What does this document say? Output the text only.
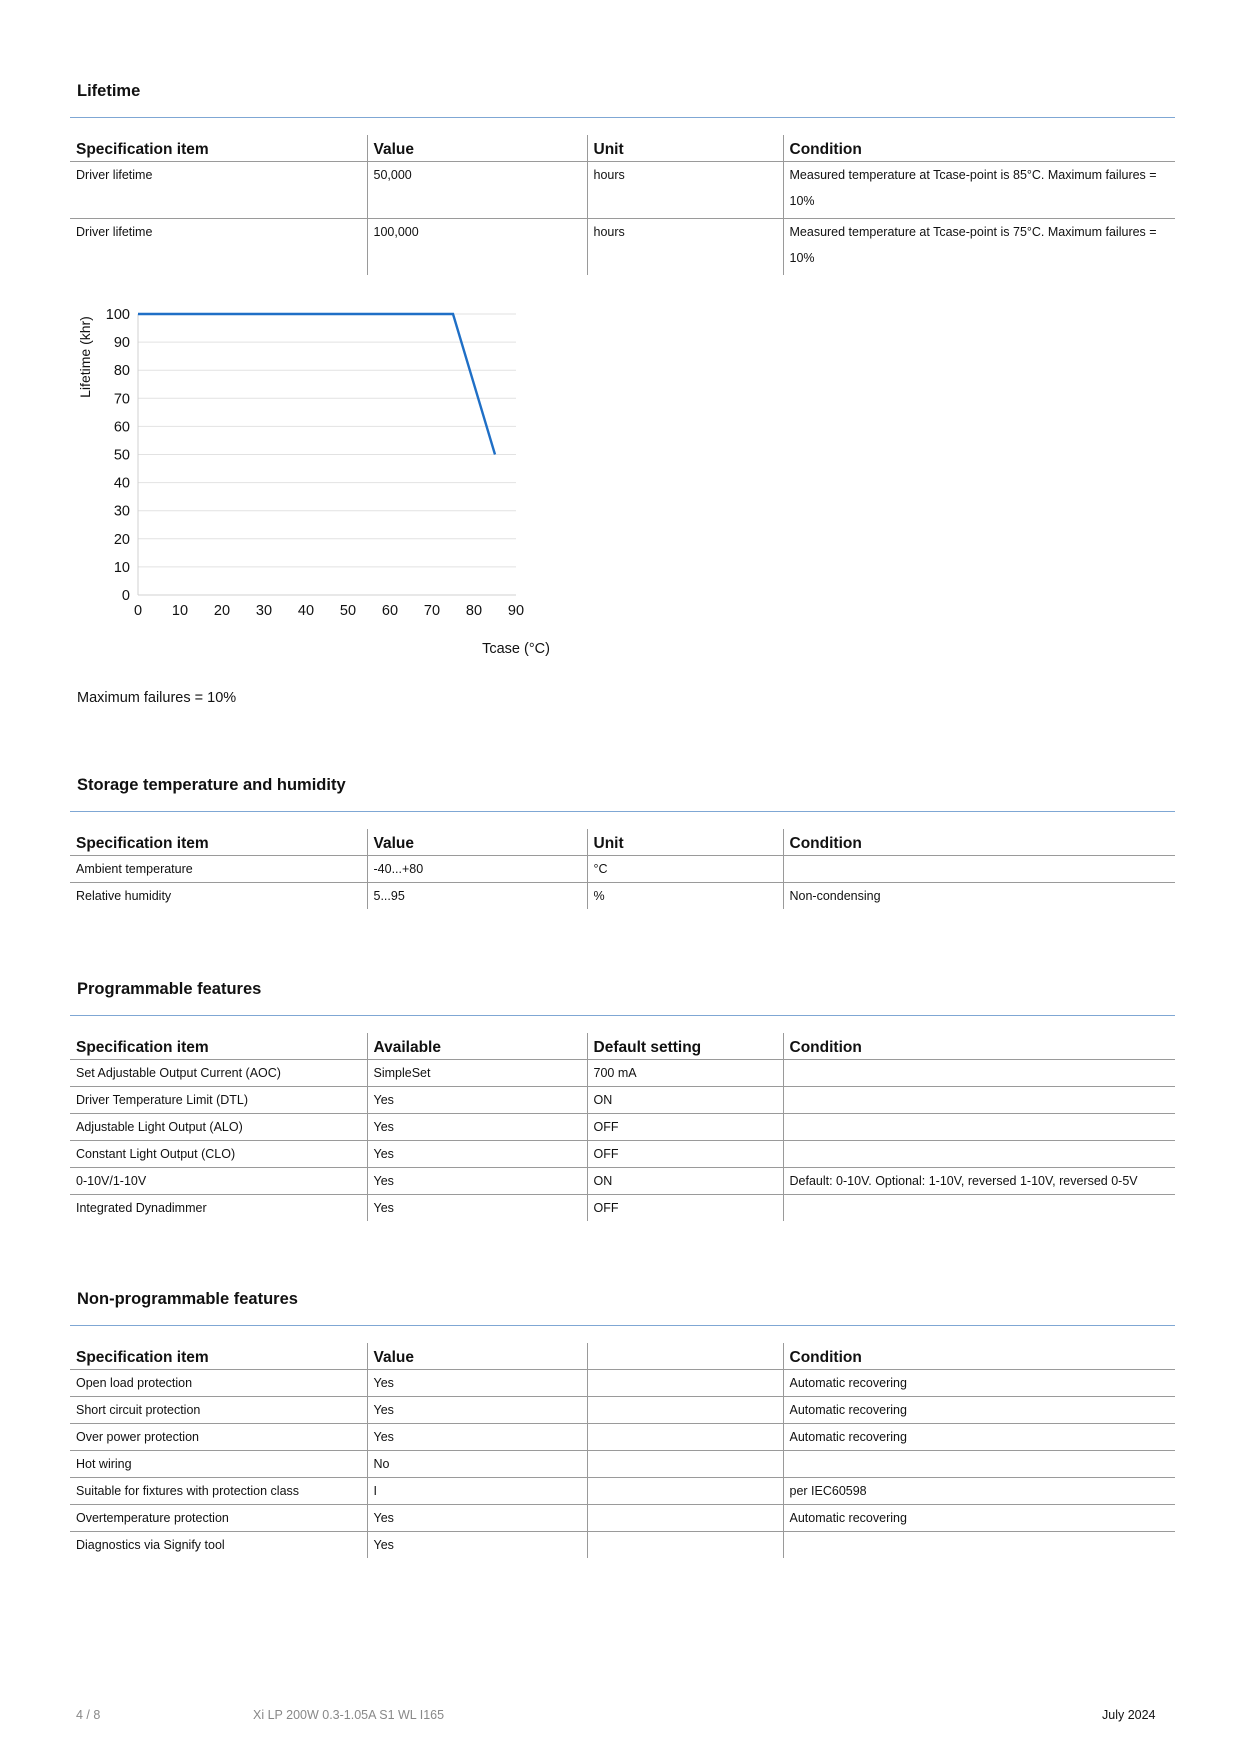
Lifetime
Specification item	Value	Unit	Condition
Driver lifetime	50,000	hours	Measured temperature at Tcase-point is 85°C. Maximum failures = 10%
Driver lifetime	100,000	hours	Measured temperature at Tcase-point is 75°C. Maximum failures = 10%
0
10
20
30
40
50
60
70
80
90
100
0 10 20 30 40 50 60 70 80 90
Tcase (°C)
Lifetime (khr)
Maximum failures = 10%
Storage temperature and humidity
Specification item	Value	Unit	Condition
Ambient temperature	-40...+80	°C	
Relative humidity	5...95	%	Non-condensing
Programmable features
Specification item	Available	Default setting	Condition
Set Adjustable Output Current (AOC)	SimpleSet	700 mA	
Driver Temperature Limit (DTL)	Yes	ON	
Adjustable Light Output (ALO)	Yes	OFF	
Constant Light Output (CLO)	Yes	OFF	
0-10V/1-10V	Yes	ON	Default: 0-10V. Optional: 1-10V, reversed 1-10V, reversed 0-5V
Integrated Dynadimmer	Yes	OFF	
Non-programmable features
Specification item	Value		Condition
Open load protection	Yes		Automatic recovering
Short circuit protection	Yes		Automatic recovering
Over power protection	Yes		Automatic recovering
Hot wiring	No		
Suitable for fixtures with protection class	I		per IEC60598
Overtemperature protection	Yes		Automatic recovering
Diagnostics via Signify tool	Yes		
4 / 8	Xi LP 200W 0.3-1.05A S1 WL I165	July 2024
